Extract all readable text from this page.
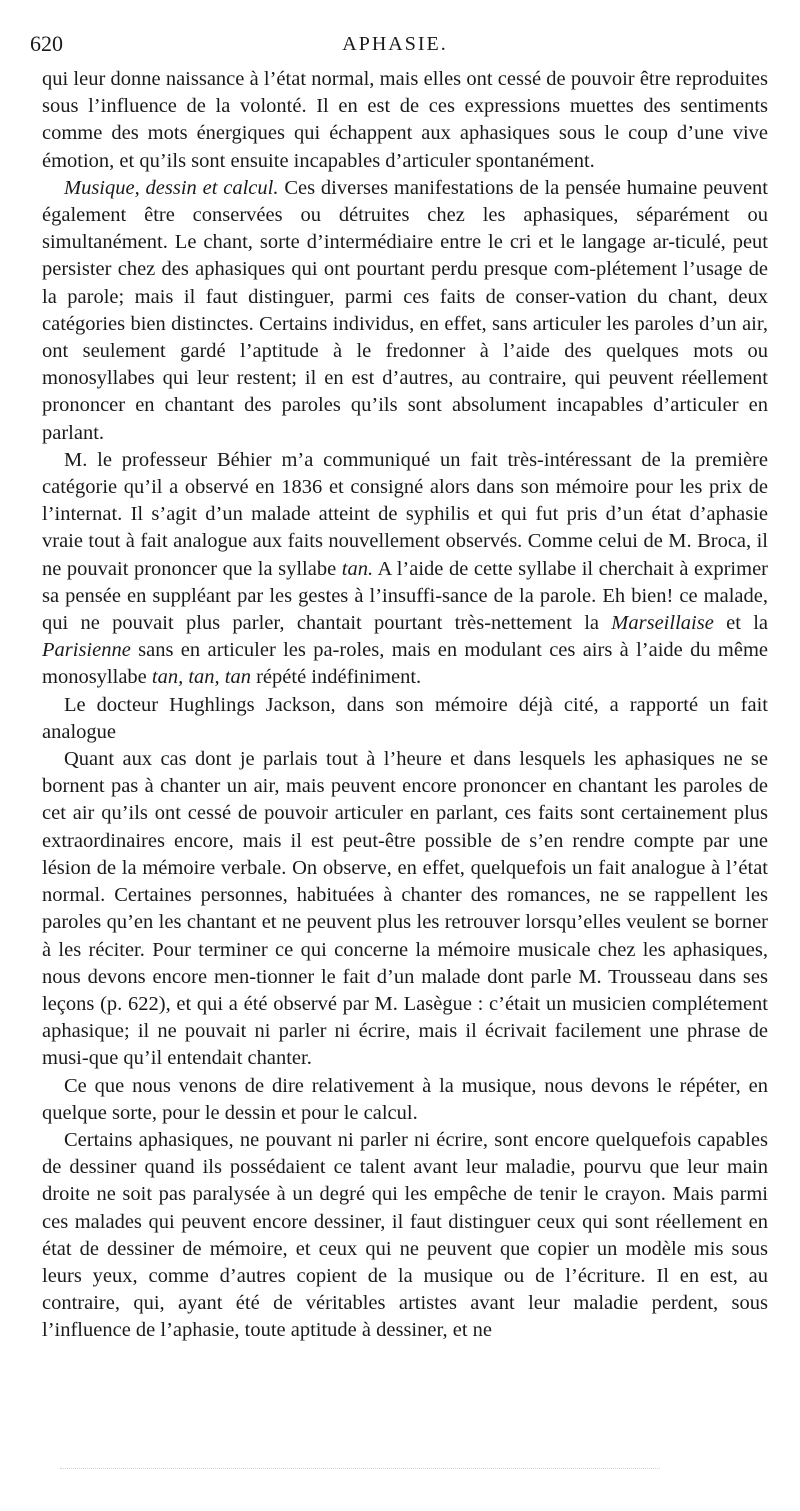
620	APHASIE.

qui leur donne naissance à l’état normal, mais elles ont cessé de pouvoir être reproduites sous l’influence de la volonté. Il en est de ces expressions muettes des sentiments comme des mots énergiques qui échappent aux aphasiques sous le coup d’une vive émotion, et qu’ils sont ensuite incapables d’articuler spontanément.

Musique, dessin et calcul. Ces diverses manifestations de la pensée humaine peuvent également être conservées ou détruites chez les aphasiques, séparément ou simultanément. Le chant, sorte d’intermédiaire entre le cri et le langage ar-ticulé, peut persister chez des aphasiques qui ont pourtant perdu presque com-plétement l’usage de la parole; mais il faut distinguer, parmi ces faits de conser-vation du chant, deux catégories bien distinctes. Certains individus, en effet, sans articuler les paroles d’un air, ont seulement gardé l’aptitude à le fredonner à l’aide des quelques mots ou monosyllabes qui leur restent; il en est d’autres, au contraire, qui peuvent réellement prononcer en chantant des paroles qu’ils sont absolument incapables d’articuler en parlant.

M. le professeur Béhier m’a communiqué un fait très-intéressant de la première catégorie qu’il a observé en 1836 et consigné alors dans son mémoire pour les prix de l’internat. Il s’agit d’un malade atteint de syphilis et qui fut pris d’un état d’aphasie vraie tout à fait analogue aux faits nouvellement observés. Comme celui de M. Broca, il ne pouvait prononcer que la syllabe tan. A l’aide de cette syllabe il cherchait à exprimer sa pensée en suppléant par les gestes à l’insuffi-sance de la parole. Eh bien! ce malade, qui ne pouvait plus parler, chantait pourtant très-nettement la Marseillaise et la Parisienne sans en articuler les pa-roles, mais en modulant ces airs à l’aide du même monosyllabe tan, tan, tan répété indéfiniment.

Le docteur Hughlings Jackson, dans son mémoire déjà cité, a rapporté un fait analogue

Quant aux cas dont je parlais tout à l’heure et dans lesquels les aphasiques ne se bornent pas à chanter un air, mais peuvent encore prononcer en chantant les paroles de cet air qu’ils ont cessé de pouvoir articuler en parlant, ces faits sont certainement plus extraordinaires encore, mais il est peut-être possible de s’en rendre compte par une lésion de la mémoire verbale. On observe, en effet, quelquefois un fait analogue à l’état normal. Certaines personnes, habituées à chanter des romances, ne se rappellent les paroles qu’en les chantant et ne peuvent plus les retrouver lorsqu’elles veulent se borner à les réciter. Pour terminer ce qui concerne la mémoire musicale chez les aphasiques, nous devons encore men-tionner le fait d’un malade dont parle M. Trousseau dans ses leçons (p. 622), et qui a été observé par M. Lasègue : c’était un musicien complétement aphasique; il ne pouvait ni parler ni écrire, mais il écrivait facilement une phrase de musi-que qu’il entendait chanter.

Ce que nous venons de dire relativement à la musique, nous devons le répéter, en quelque sorte, pour le dessin et pour le calcul.

Certains aphasiques, ne pouvant ni parler ni écrire, sont encore quelquefois capables de dessiner quand ils possédaient ce talent avant leur maladie, pourvu que leur main droite ne soit pas paralysée à un degré qui les empêche de tenir le crayon. Mais parmi ces malades qui peuvent encore dessiner, il faut distinguer ceux qui sont réellement en état de dessiner de mémoire, et ceux qui ne peuvent que copier un modèle mis sous leurs yeux, comme d’autres copient de la musique ou de l’écriture. Il en est, au contraire, qui, ayant été de véritables artistes avant leur maladie perdent, sous l’influence de l’aphasie, toute aptitude à dessiner, et ne
